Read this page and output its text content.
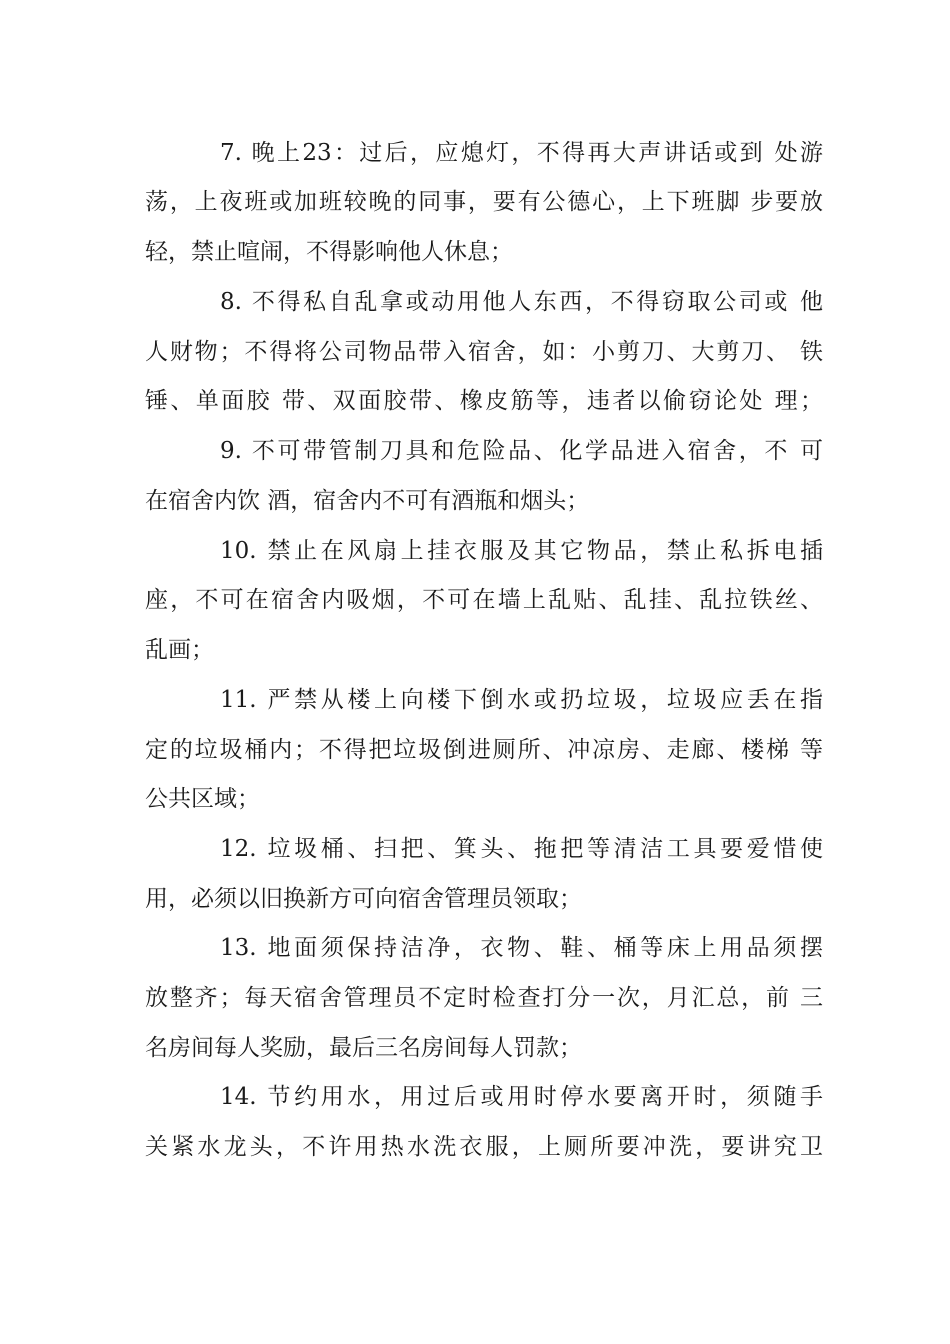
7. 晚上23：过后，应熄灯，不得再大声讲话或到 处游
荡，上夜班或加班较晚的同事，要有公德心，上下班脚 步要放
轻，禁止喧闹，不得影响他人休息；
8. 不得私自乱拿或动用他人东西，不得窃取公司或 他
人财物；不得将公司物品带入宿舍，如：小剪刀、大剪刀、 铁
锤、单面胶 带、双面胶带、橡皮筋等，违者以偷窃论处 理；
9. 不可带管制刀具和危险品、化学品进入宿舍，不 可
在宿舍内饮 酒，宿舍内不可有酒瓶和烟头；
10. 禁止在风扇上挂衣服及其它物品，禁止私拆电插
座，不可在宿舍内吸烟，不可在墙上乱贴、乱挂、乱拉铁丝、
乱画；
11. 严禁从楼上向楼下倒水或扔垃圾，垃圾应丢在指
定的垃圾桶内；不得把垃圾倒进厕所、冲凉房、走廊、楼梯 等
公共区域；
12. 垃圾桶、扫把、箕头、拖把等清洁工具要爱惜使
用，必须以旧换新方可向宿舍管理员领取；
13. 地面须保持洁净，衣物、鞋、桶等床上用品须摆
放整齐；每天宿舍管理员不定时检查打分一次，月汇总，前 三
名房间每人奖励，最后三名房间每人罚款；
14. 节约用水，用过后或用时停水要离开时，须随手
关紧水龙头，不许用热水洗衣服，上厕所要冲洗，要讲究卫
